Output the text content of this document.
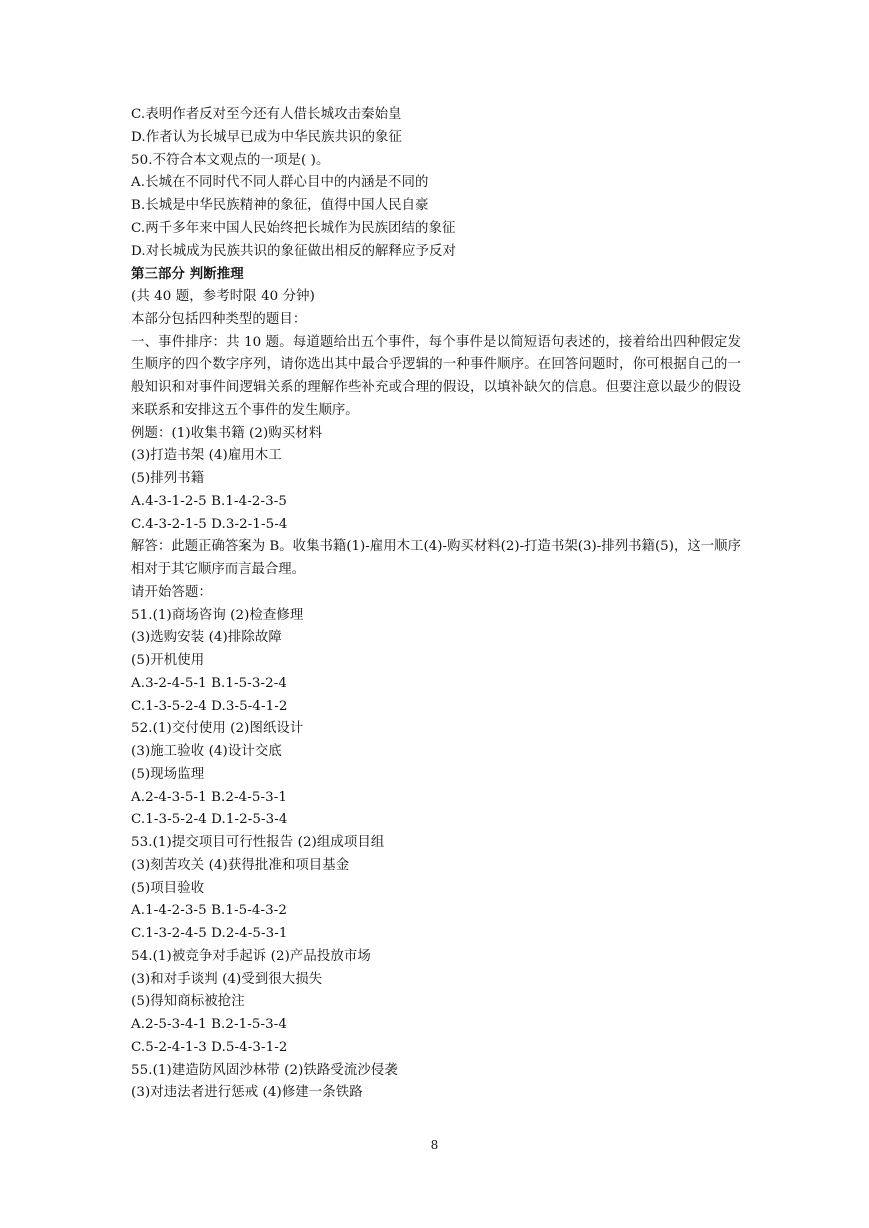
C.表明作者反对至今还有人借长城攻击秦始皇
D.作者认为长城早已成为中华民族共识的象征
50.不符合本文观点的一项是( )。
A.长城在不同时代不同人群心目中的内涵是不同的
B.长城是中华民族精神的象征，值得中国人民自豪
C.两千多年来中国人民始终把长城作为民族团结的象征
D.对长城成为民族共识的象征做出相反的解释应予反对
第三部分 判断推理
(共 40 题，参考时限 40 分钟)
本部分包括四种类型的题目：
一、事件排序：共 10 题。每道题给出五个事件，每个事件是以简短语句表述的，接着给出四种假定发生顺序的四个数字序列，请你选出其中最合乎逻辑的一种事件顺序。在回答问题时，你可根据自己的一般知识和对事件间逻辑关系的理解作些补充或合理的假设，以填补缺欠的信息。但要注意以最少的假设来联系和安排这五个事件的发生顺序。
例题：(1)收集书籍 (2)购买材料
(3)打造书架 (4)雇用木工
(5)排列书籍
A.4-3-1-2-5 B.1-4-2-3-5
C.4-3-2-1-5 D.3-2-1-5-4
解答：此题正确答案为 B。收集书籍(1)-雇用木工(4)-购买材料(2)-打造书架(3)-排列书籍(5)，这一顺序相对于其它顺序而言最合理。
请开始答题：
51.(1)商场咨询 (2)检查修理
(3)选购安装 (4)排除故障
(5)开机使用
A.3-2-4-5-1 B.1-5-3-2-4
C.1-3-5-2-4 D.3-5-4-1-2
52.(1)交付使用 (2)图纸设计
(3)施工验收 (4)设计交底
(5)现场监理
A.2-4-3-5-1 B.2-4-5-3-1
C.1-3-5-2-4 D.1-2-5-3-4
53.(1)提交项目可行性报告 (2)组成项目组
(3)刻苦攻关 (4)获得批准和项目基金
(5)项目验收
A.1-4-2-3-5 B.1-5-4-3-2
C.1-3-2-4-5 D.2-4-5-3-1
54.(1)被竞争对手起诉 (2)产品投放市场
(3)和对手谈判 (4)受到很大损失
(5)得知商标被抢注
A.2-5-3-4-1 B.2-1-5-3-4
C.5-2-4-1-3 D.5-4-3-1-2
55.(1)建造防风固沙林带 (2)铁路受流沙侵袭
(3)对违法者进行惩戒 (4)修建一条铁路
8
